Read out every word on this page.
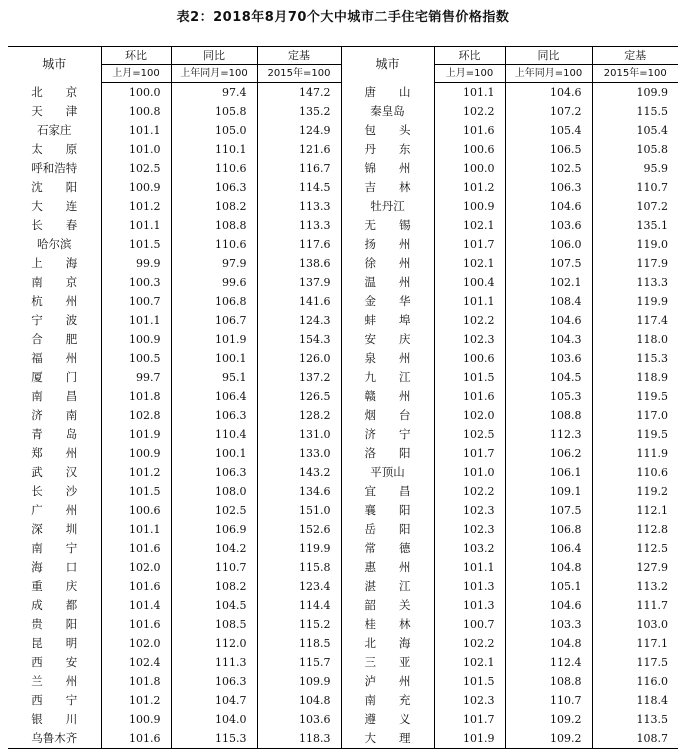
表2：2018年8月70个大中城市二手住宅销售价格指数
城市	环比	同比	定基	城市	环比	同比	定基
	上月=100	上年同月=100	2015年=100		上月=100	上年同月=100	2015年=100
北　　京	100.0	97.4	147.2	唐　　山	101.1	104.6	109.9
天　　津	100.8	105.8	135.2	秦皇岛	102.2	107.2	115.5
石家庄	101.1	105.0	124.9	包　　头	101.6	105.4	105.4
太　　原	101.0	110.1	121.6	丹　　东	100.6	106.5	105.8
呼和浩特	102.5	110.6	116.7	锦　　州	100.0	102.5	95.9
沈　　阳	100.9	106.3	114.5	吉　　林	101.2	106.3	110.7
大　　连	101.2	108.2	113.3	牡丹江	100.9	104.6	107.2
长　　春	101.1	108.8	113.3	无　　锡	102.1	103.6	135.1
哈尔滨	101.5	110.6	117.6	扬　　州	101.7	106.0	119.0
上　　海	99.9	97.9	138.6	徐　　州	102.1	107.5	117.9
南　　京	100.3	99.6	137.9	温　　州	100.4	102.1	113.3
杭　　州	100.7	106.8	141.6	金　　华	101.1	108.4	119.9
宁　　波	101.1	106.7	124.3	蚌　　埠	102.2	104.6	117.4
合　　肥	100.9	101.9	154.3	安　　庆	102.3	104.3	118.0
福　　州	100.5	100.1	126.0	泉　　州	100.6	103.6	115.3
厦　　门	99.7	95.1	137.2	九　　江	101.5	104.5	118.9
南　　昌	101.8	106.4	126.5	赣　　州	101.6	105.3	119.5
济　　南	102.8	106.3	128.2	烟　　台	102.0	108.8	117.0
青　　岛	101.9	110.4	131.0	济　　宁	102.5	112.3	119.5
郑　　州	100.9	100.1	133.0	洛　　阳	101.7	106.2	111.9
武　　汉	101.2	106.3	143.2	平顶山	101.0	106.1	110.6
长　　沙	101.5	108.0	134.6	宜　　昌	102.2	109.1	119.2
广　　州	100.6	102.5	151.0	襄　　阳	102.3	107.5	112.1
深　　圳	101.1	106.9	152.6	岳　　阳	102.3	106.8	112.8
南　　宁	101.6	104.2	119.9	常　　德	103.2	106.4	112.5
海　　口	102.0	110.7	115.8	惠　　州	101.1	104.8	127.9
重　　庆	101.6	108.2	123.4	湛　　江	101.3	105.1	113.2
成　　都	101.4	104.5	114.4	韶　　关	101.3	104.6	111.7
贵　　阳	101.6	108.5	115.2	桂　　林	100.7	103.3	103.0
昆　　明	102.0	112.0	118.5	北　　海	102.2	104.8	117.1
西　　安	102.4	111.3	115.7	三　　亚	102.1	112.4	117.5
兰　　州	101.8	106.3	109.9	泸　　州	101.5	108.8	116.0
西　　宁	101.2	104.7	104.8	南　　充	102.3	110.7	118.4
银　　川	100.9	104.0	103.6	遵　　义	101.7	109.2	113.5
乌鲁木齐	101.6	115.3	118.3	大　　理	101.9	109.2	108.7
